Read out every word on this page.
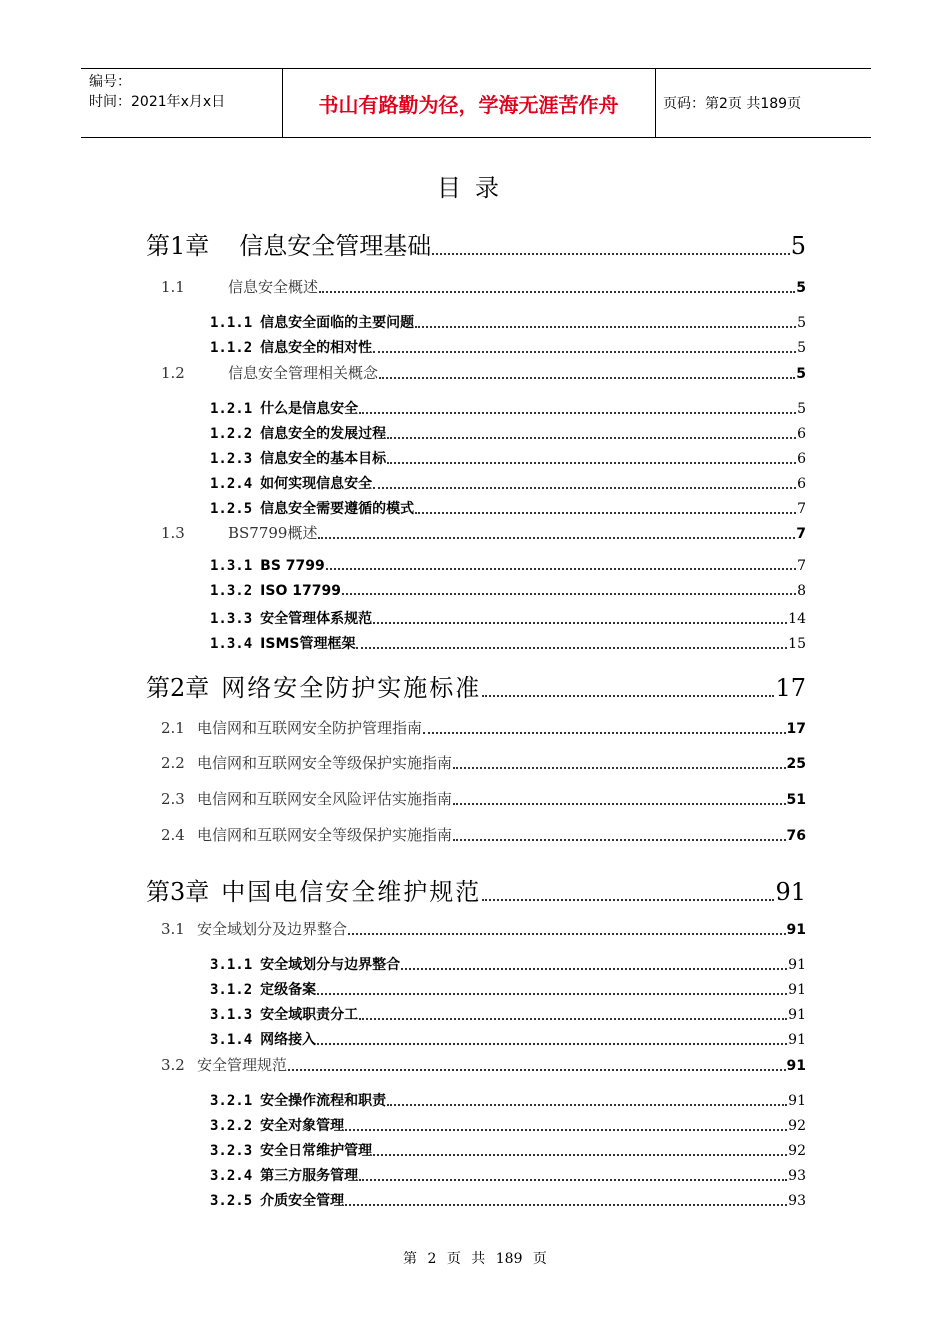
编号：
时间：2021年x月x日	书山有路勤为径，学海无涯苦作舟	页码：第2页 共189页
目录
第1章 信息安全管理基础	5
1.1	信息安全概述	5
1.1.1 信息安全面临的主要问题	5
1.1.2 信息安全的相对性	5
1.2	信息安全管理相关概念	5
1.2.1 什么是信息安全	5
1.2.2 信息安全的发展过程	6
1.2.3 信息安全的基本目标	6
1.2.4 如何实现信息安全	6
1.2.5 信息安全需要遵循的模式	7
1.3	BS7799概述	7
1.3.1 BS 7799	7
1.3.2 ISO 17799	8
1.3.3 安全管理体系规范	14
1.3.4 ISMS管理框架	15
第2章 网络安全防护实施标准	17
2.1 电信网和互联网安全防护管理指南	17
2.2 电信网和互联网安全等级保护实施指南	25
2.3 电信网和互联网安全风险评估实施指南	51
2.4 电信网和互联网安全等级保护实施指南	76
第3章 中国电信安全维护规范	91
3.1 安全域划分及边界整合	91
3.1.1 安全域划分与边界整合	91
3.1.2 定级备案	91
3.1.3 安全域职责分工	91
3.1.4 网络接入	91
3.2 安全管理规范	91
3.2.1 安全操作流程和职责	91
3.2.2 安全对象管理	92
3.2.3 安全日常维护管理	92
3.2.4 第三方服务管理	93
3.2.5 介质安全管理	93
第 2 页 共 189 页
